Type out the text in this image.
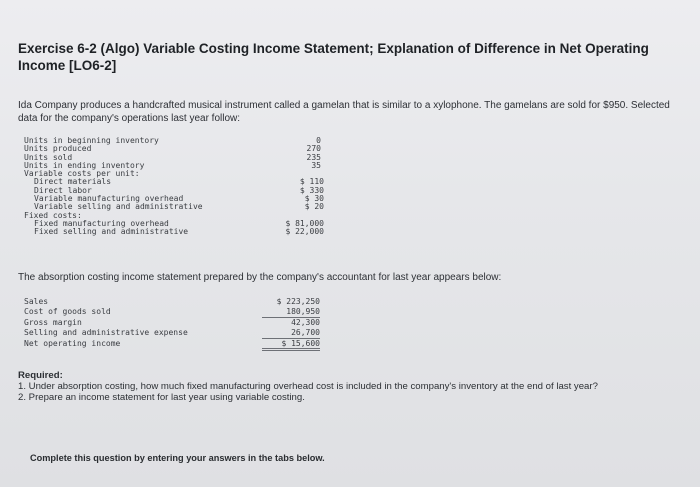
Exercise 6-2 (Algo) Variable Costing Income Statement; Explanation of Difference in Net Operating Income [LO6-2]
Ida Company produces a handcrafted musical instrument called a gamelan that is similar to a xylophone. The gamelans are sold for $950. Selected data for the company's operations last year follow:
Units in beginning inventory	0
Units produced	270
Units sold	235
Units in ending inventory	35
Variable costs per unit:
Direct materials	$ 110
Direct labor	$ 330
Variable manufacturing overhead	$ 30
Variable selling and administrative	$ 20
Fixed costs:
Fixed manufacturing overhead	$ 81,000
Fixed selling and administrative	$ 22,000
The absorption costing income statement prepared by the company's accountant for last year appears below:
Sales	$ 223,250
Cost of goods sold	180,950
Gross margin	42,300
Selling and administrative expense	26,700
Net operating income	$ 15,600
Required:
1. Under absorption costing, how much fixed manufacturing overhead cost is included in the company's inventory at the end of last year?
2. Prepare an income statement for last year using variable costing.
Complete this question by entering your answers in the tabs below.
